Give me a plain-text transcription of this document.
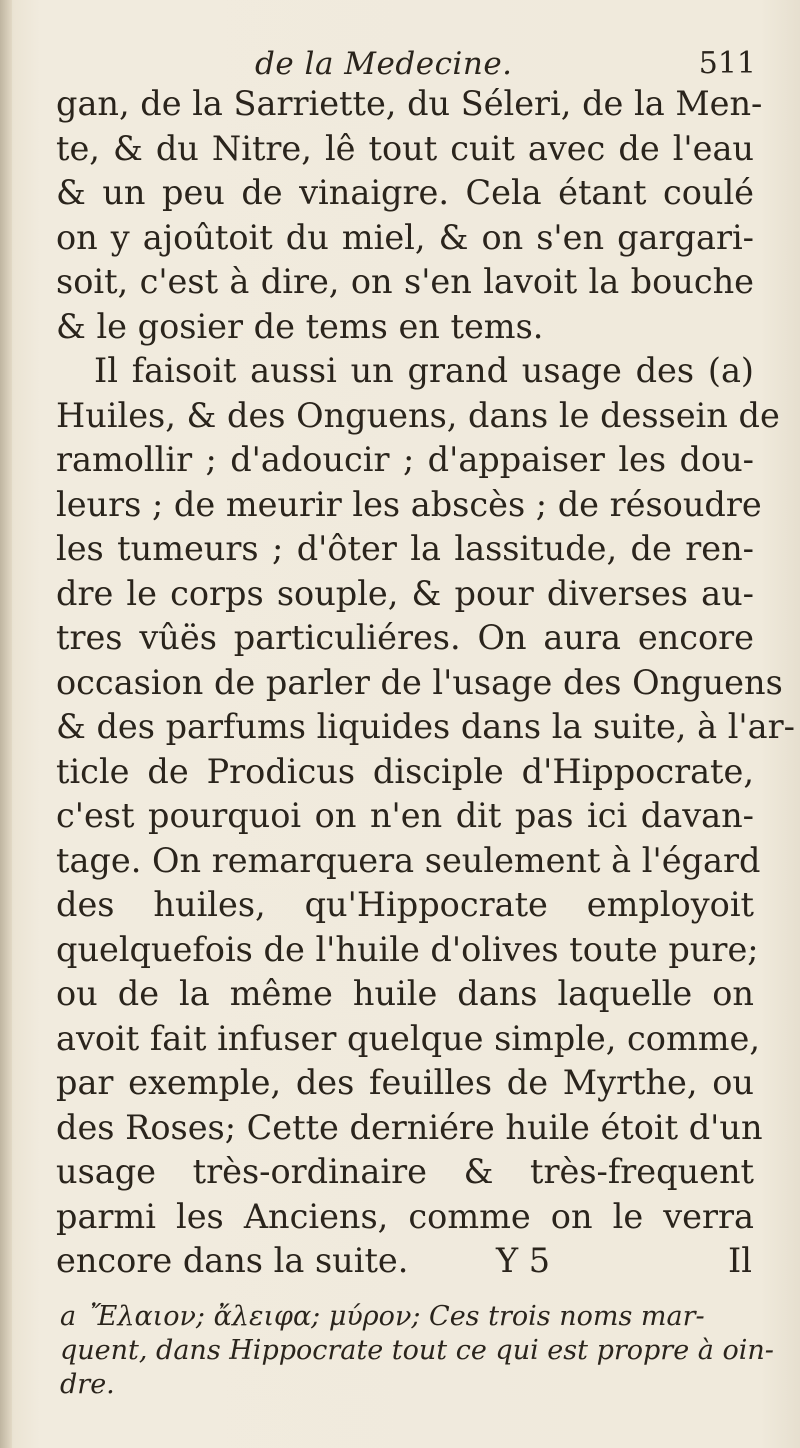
de la Medecine.	511
gan, de la Sarriette, du Séleri, de la Men-
te, & du Nitre, lê tout cuit avec de l'eau
& un peu de vinaigre. Cela étant coulé
on y ajoûtoit du miel, & on s'en gargari-
soit, c'est à dire, on s'en lavoit la bouche
& le gosier de tems en tems.
Il faisoit aussi un grand usage des (a)
Huiles, & des Onguens, dans le dessein de
ramollir ; d'adoucir ; d'appaiser les dou-
leurs ; de meurir les abscès ; de résoudre
les tumeurs ; d'ôter la lassitude, de ren-
dre le corps souple, & pour diverses au-
tres vûës particuliéres. On aura encore
occasion de parler de l'usage des Onguens
& des parfums liquides dans la suite, à l'ar-
ticle de Prodicus disciple d'Hippocrate,
c'est pourquoi on n'en dit pas ici davan-
tage. On remarquera seulement à l'égard
des huiles, qu'Hippocrate employoit
quelquefois de l'huile d'olives toute pure;
ou de la même huile dans laquelle on
avoit fait infuser quelque simple, comme,
par exemple, des feuilles de Myrthe, ou
des Roses; Cette derniére huile étoit d'un
usage très-ordinaire & très-frequent
parmi les Anciens, comme on le verra
encore dans la suite.	Y 5	Il
a Ἔλαιον; ἄλειφα; μύρον; Ces trois noms mar-
quent, dans Hippocrate tout ce qui est propre à oin-
dre.
